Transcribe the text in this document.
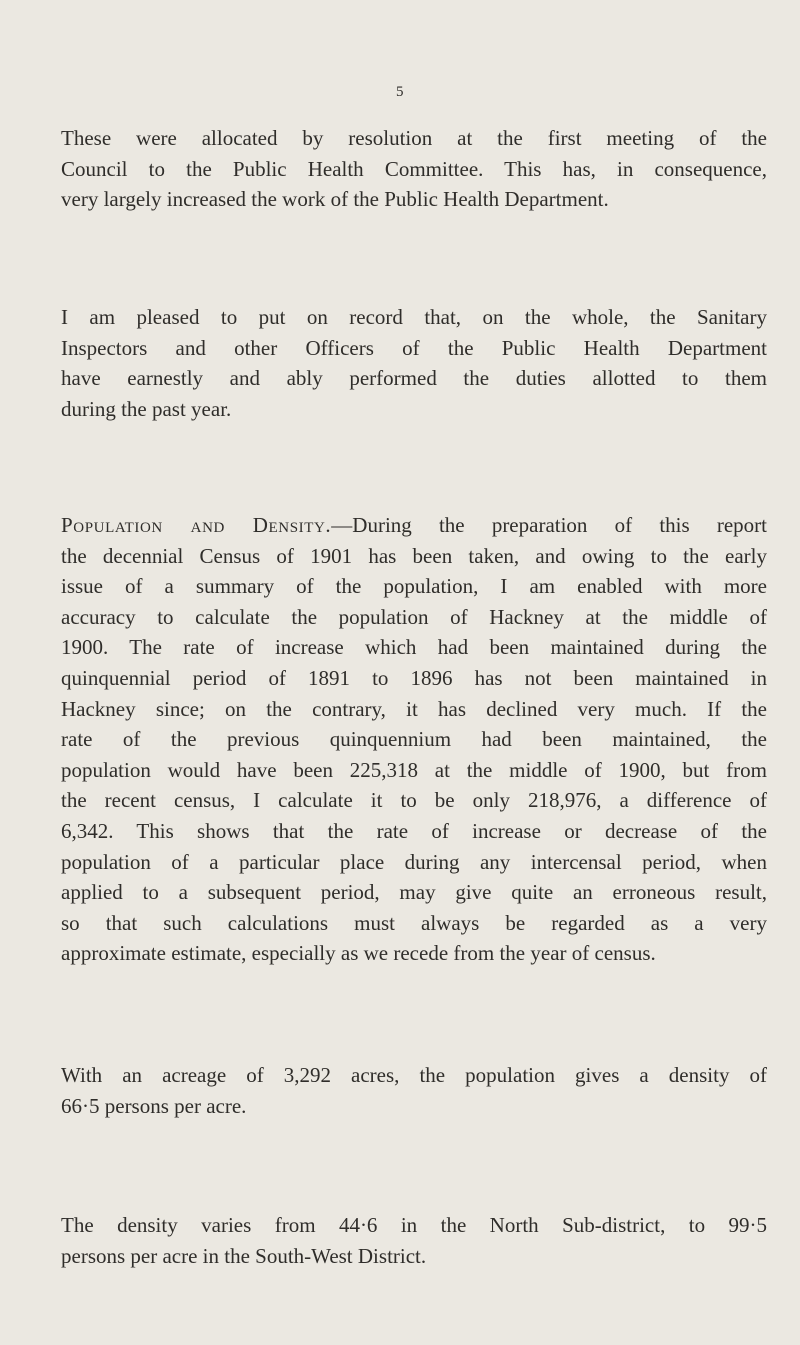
5
These were allocated by resolution at the first meeting of the
Council to the Public Health Committee. This has, in consequence,
very largely increased the work of the Public Health Department.
I am pleased to put on record that, on the whole, the Sanitary
Inspectors and other Officers of the Public Health Department
have earnestly and ably performed the duties allotted to them
during the past year.
Population and Density.—During the preparation of this report
the decennial Census of 1901 has been taken, and owing to the early
issue of a summary of the population, I am enabled with more
accuracy to calculate the population of Hackney at the middle of
1900. The rate of increase which had been maintained during the
quinquennial period of 1891 to 1896 has not been maintained in
Hackney since; on the contrary, it has declined very much. If the
rate of the previous quinquennium had been maintained, the
population would have been 225,318 at the middle of 1900, but from
the recent census, I calculate it to be only 218,976, a difference of
6,342. This shows that the rate of increase or decrease of the
population of a particular place during any intercensal period, when
applied to a subsequent period, may give quite an erroneous result,
so that such calculations must always be regarded as a very
approximate estimate, especially as we recede from the year of census.
With an acreage of 3,292 acres, the population gives a density of
66·5 persons per acre.
The density varies from 44·6 in the North Sub-district, to 99·5
persons per acre in the South-West District.
